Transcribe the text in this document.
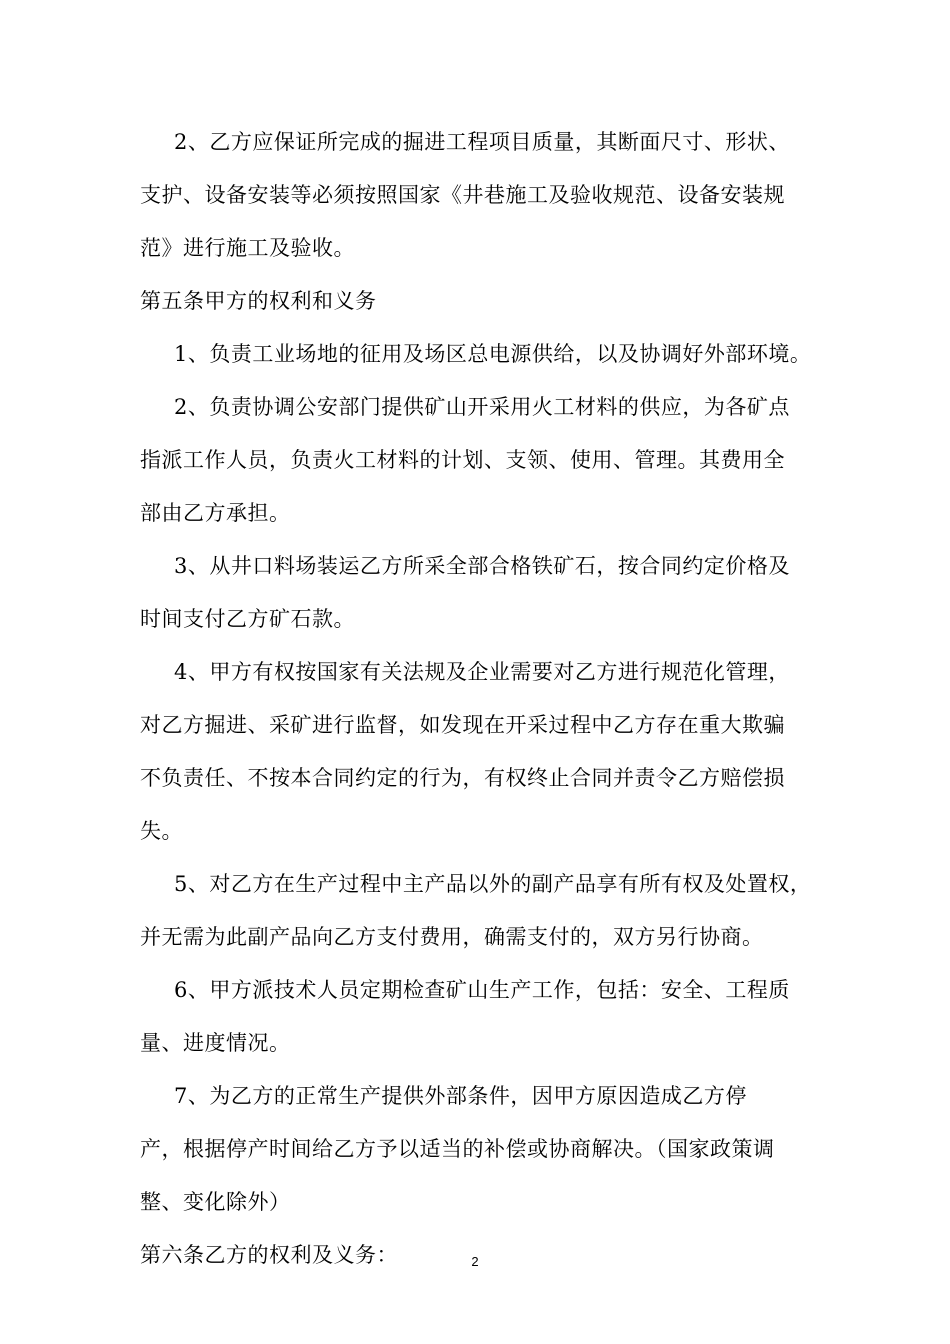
2、乙方应保证所完成的掘进工程项目质量，其断面尺寸、形状、
支护、设备安装等必须按照国家《井巷施工及验收规范、设备安装规
范》进行施工及验收。

第五条甲方的权利和义务

1、负责工业场地的征用及场区总电源供给，以及协调好外部环境。

2、负责协调公安部门提供矿山开采用火工材料的供应，为各矿点
指派工作人员，负责火工材料的计划、支领、使用、管理。其费用全
部由乙方承担。

3、从井口料场装运乙方所采全部合格铁矿石，按合同约定价格及
时间支付乙方矿石款。

4、甲方有权按国家有关法规及企业需要对乙方进行规范化管理，
对乙方掘进、采矿进行监督，如发现在开采过程中乙方存在重大欺骗
不负责任、不按本合同约定的行为，有权终止合同并责令乙方赔偿损
失。

5、对乙方在生产过程中主产品以外的副产品享有所有权及处置权，
并无需为此副产品向乙方支付费用，确需支付的，双方另行协商。

6、甲方派技术人员定期检查矿山生产工作，包括：安全、工程质
量、进度情况。

7、为乙方的正常生产提供外部条件，因甲方原因造成乙方停
产，根据停产时间给乙方予以适当的补偿或协商解决。（国家政策调
整、变化除外）

第六条乙方的权利及义务：	2
